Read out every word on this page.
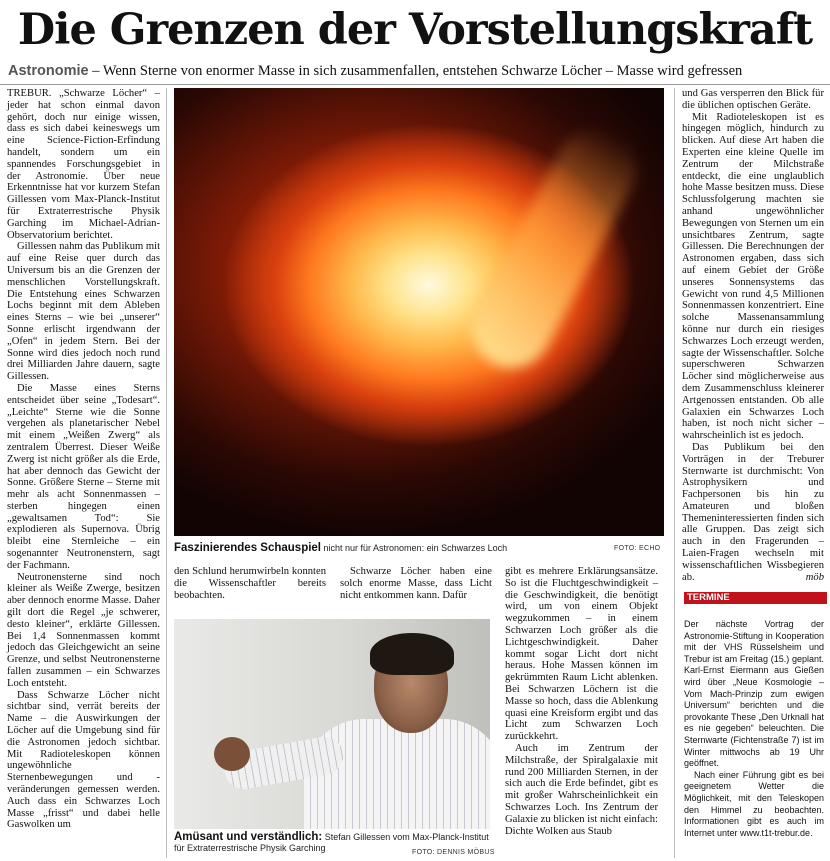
Die Grenzen der Vorstellungskraft
Astronomie – Wenn Sterne von enormer Masse in sich zusammenfallen, entstehen Schwarze Löcher – Masse wird gefressen

TREBUR. „Schwarze Löcher“ – jeder hat schon einmal davon gehört, doch nur einige wissen, dass es sich dabei keineswegs um eine Science-Fiction-Erfindung handelt, sondern um ein spannendes Forschungsgebiet in der Astronomie. Über neue Erkenntnisse hat vor kurzem Stefan Gillessen vom Max-Planck-Institut für Extraterrestrische Physik Garching im Michael-Adrian-Observatorium berichtet.

Gillessen nahm das Publikum mit auf eine Reise quer durch das Universum bis an die Grenzen der menschlichen Vorstellungskraft. Die Entstehung eines Schwarzen Lochs beginnt mit dem Ableben eines Sterns – wie bei „unserer“ Sonne erlischt irgendwann der „Ofen“ in jedem Stern. Bei der Sonne wird dies jedoch noch rund drei Milliarden Jahre dauern, sagte Gillessen.

Die Masse eines Sterns entscheidet über seine „Todesart“. „Leichte“ Sterne wie die Sonne vergehen als planetarischer Nebel mit einem „Weißen Zwerg“ als zentralem Überrest. Dieser Weiße Zwerg ist nicht größer als die Erde, hat aber dennoch das Gewicht der Sonne. Größere Sterne – Sterne mit mehr als acht Sonnenmassen – sterben hingegen einen „gewaltsamen Tod“: Sie explodieren als Supernova. Übrig bleibt eine Sternleiche – ein sogenannter Neutronenstern, sagt der Fachmann.

Neutronensterne sind noch kleiner als Weiße Zwerge, besitzen aber dennoch enorme Masse. Daher gilt dort die Regel „je schwerer, desto kleiner“, erklärte Gillessen. Bei 1,4 Sonnenmassen kommt jedoch das Gleichgewicht an seine Grenze, und selbst Neutronensterne fallen zusammen – ein Schwarzes Loch entsteht.

Dass Schwarze Löcher nicht sichtbar sind, verrät bereits der Name – die Auswirkungen der Löcher auf die Umgebung sind für die Astronomen jedoch sichtbar. Mit Radioteleskopen können ungewöhnliche Sternenbewegungen und -veränderungen gemessen werden. Auch dass ein Schwarzes Loch Masse „frisst“ und dabei helle Gaswolken um

Faszinierendes Schauspiel nicht nur für Astronomen: ein Schwarzes Loch	FOTO: ECHO

den Schlund herumwirbeln konnten die Wissenschaftler bereits beobachten.

Schwarze Löcher haben eine solch enorme Masse, dass Licht nicht entkommen kann. Dafür

Amüsant und verständlich: Stefan Gillessen vom Max-Planck-Institut für Extraterrestrische Physik Garching	FOTO: DENNIS MÖBUS

gibt es mehrere Erklärungsansätze. So ist die Fluchtgeschwindigkeit – die Geschwindigkeit, die benötigt wird, um von einem Objekt wegzukommen – in einem Schwarzen Loch größer als die Lichtgeschwindigkeit. Daher kommt sogar Licht dort nicht heraus. Hohe Massen können im gekrümmten Raum Licht ablenken. Bei Schwarzen Löchern ist die Masse so hoch, dass die Ablenkung quasi eine Kreisform ergibt und das Licht zum Schwarzen Loch zurückkehrt.

Auch im Zentrum der Milchstraße, der Spiralgalaxie mit rund 200 Milliarden Sternen, in der sich auch die Erde befindet, gibt es mit großer Wahrscheinlichkeit ein Schwarzes Loch. Ins Zentrum der Galaxie zu blicken ist nicht einfach: Dichte Wolken aus Staub

und Gas versperren den Blick für die üblichen optischen Geräte.

Mit Radioteleskopen ist es hingegen möglich, hindurch zu blicken. Auf diese Art haben die Experten eine kleine Quelle im Zentrum der Milchstraße entdeckt, die eine unglaublich hohe Masse besitzen muss. Diese Schlussfolgerung machten sie anhand ungewöhnlicher Bewegungen von Sternen um ein unsichtbares Zentrum, sagte Gillessen. Die Berechnungen der Astronomen ergaben, dass sich auf einem Gebiet der Größe unseres Sonnensystems das Gewicht von rund 4,5 Millionen Sonnenmassen konzentriert. Eine solche Massenansammlung könne nur durch ein riesiges Schwarzes Loch erzeugt werden, sagte der Wissenschaftler. Solche superschweren Schwarzen Löcher sind möglicherweise aus dem Zusammenschluss kleinerer Artgenossen entstanden. Ob alle Galaxien ein Schwarzes Loch haben, ist noch nicht sicher – wahrscheinlich ist es jedoch.

Das Publikum bei den Vorträgen in der Treburer Sternwarte ist durchmischt: Von Astrophysikern und Fachpersonen bis hin zu Amateuren und bloßen Themeninteressierten finden sich alle Gruppen. Das zeigt sich auch in den Fragerunden – Laien-Fragen wechseln mit wissenschaftlichen Wissbegieren ab.	möb

TERMINE

Der nächste Vortrag der Astronomie-Stiftung in Kooperation mit der VHS Rüsselsheim und Trebur ist am Freitag (15.) geplant. Karl-Ernst Eiermann aus Gießen wird über „Neue Kosmologie – Vom Mach-Prinzip zum ewigen Universum“ berichten und die provokante These „Den Urknall hat es nie gegeben“ beleuchten. Die Sternwarte (Fichtenstraße 7) ist im Winter mittwochs ab 19 Uhr geöffnet.

Nach einer Führung gibt es bei geeignetem Wetter die Möglichkeit, mit den Teleskopen den Himmel zu beobachten. Informationen gibt es auch im Internet unter www.t1t-trebur.de.
